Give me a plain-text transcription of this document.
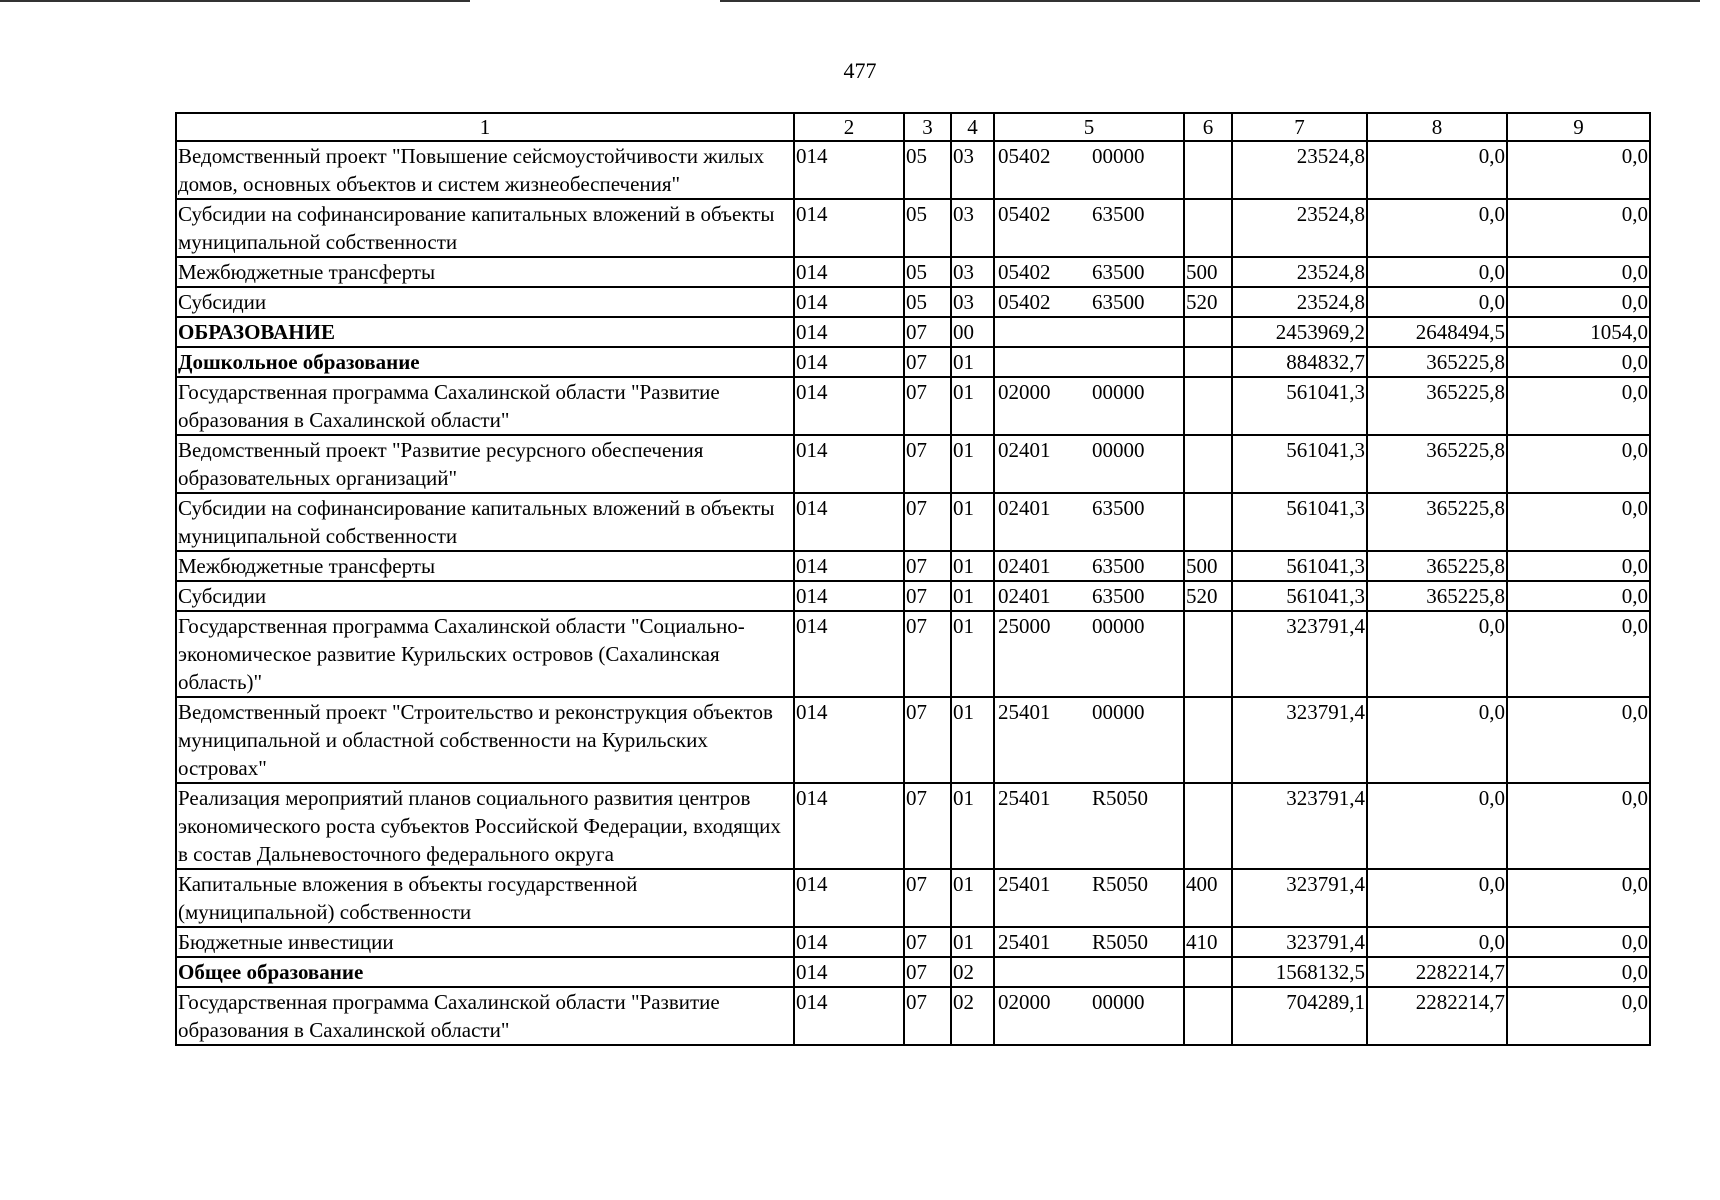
477
1	2	3	4	5	6	7	8	9
Ведомственный проект "Повышение сейсмоустойчивости жилых домов, основных объектов и систем жизнеобеспечения"	014	05	03	05402 00000		23524,8	0,0	0,0
Субсидии на софинансирование капитальных вложений в объекты муниципальной собственности	014	05	03	05402 63500		23524,8	0,0	0,0
Межбюджетные трансферты	014	05	03	05402 63500	500	23524,8	0,0	0,0
Субсидии	014	05	03	05402 63500	520	23524,8	0,0	0,0
ОБРАЗОВАНИЕ	014	07	00			2453969,2	2648494,5	1054,0
Дошкольное образование	014	07	01			884832,7	365225,8	0,0
Государственная программа Сахалинской области "Развитие образования в Сахалинской области"	014	07	01	02000 00000		561041,3	365225,8	0,0
Ведомственный проект "Развитие ресурсного обеспечения образовательных организаций"	014	07	01	02401 00000		561041,3	365225,8	0,0
Субсидии на софинансирование капитальных вложений в объекты муниципальной собственности	014	07	01	02401 63500		561041,3	365225,8	0,0
Межбюджетные трансферты	014	07	01	02401 63500	500	561041,3	365225,8	0,0
Субсидии	014	07	01	02401 63500	520	561041,3	365225,8	0,0
Государственная программа Сахалинской области "Социально-экономическое развитие Курильских островов (Сахалинская область)"	014	07	01	25000 00000		323791,4	0,0	0,0
Ведомственный проект "Строительство и реконструкция объектов муниципальной и областной собственности на Курильских островах"	014	07	01	25401 00000		323791,4	0,0	0,0
Реализация мероприятий планов социального развития центров экономического роста субъектов Российской Федерации, входящих в состав Дальневосточного федерального округа	014	07	01	25401 R5050		323791,4	0,0	0,0
Капитальные вложения в объекты государственной (муниципальной) собственности	014	07	01	25401 R5050	400	323791,4	0,0	0,0
Бюджетные инвестиции	014	07	01	25401 R5050	410	323791,4	0,0	0,0
Общее образование	014	07	02			1568132,5	2282214,7	0,0
Государственная программа Сахалинской области "Развитие образования в Сахалинской области"	014	07	02	02000 00000		704289,1	2282214,7	0,0
